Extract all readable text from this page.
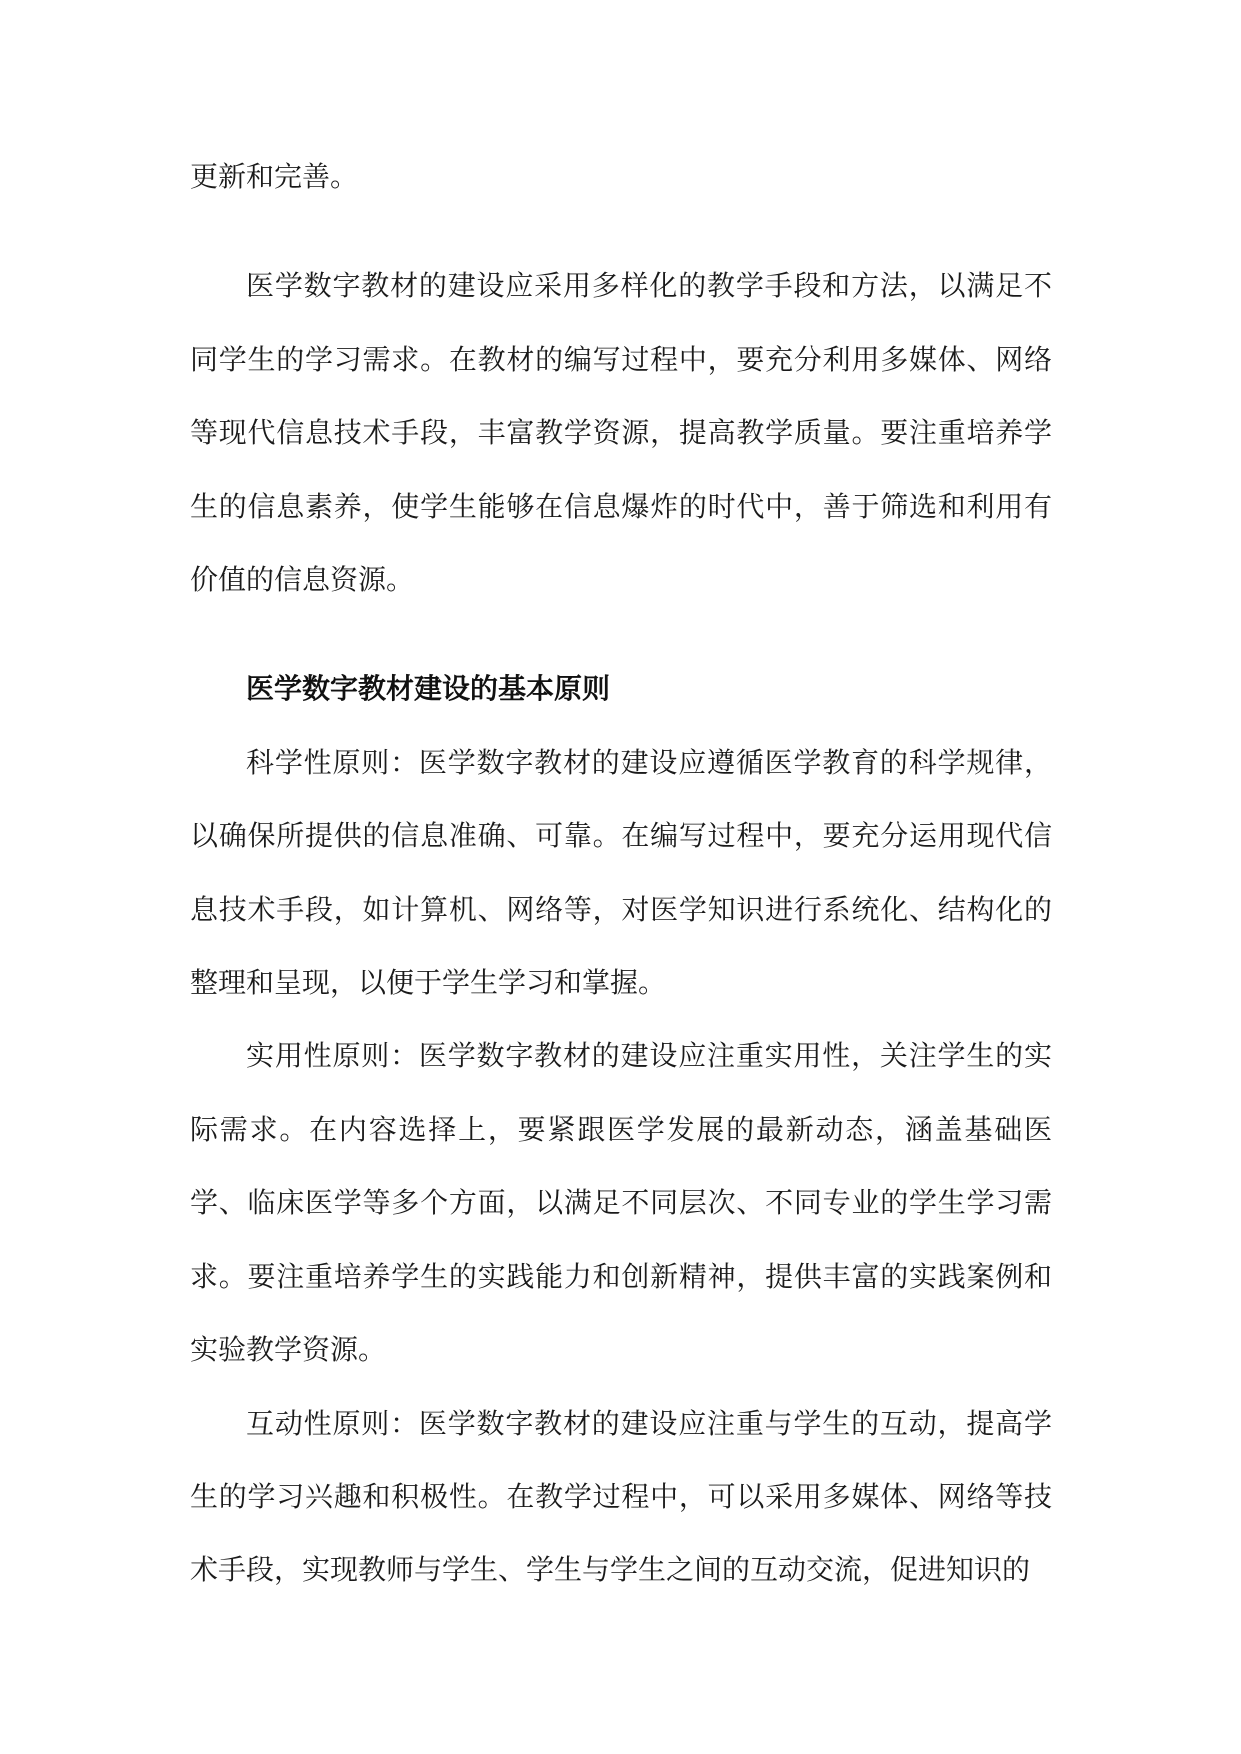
更新和完善。

医学数字教材的建设应采用多样化的教学手段和方法，以满足不同学生的学习需求。在教材的编写过程中，要充分利用多媒体、网络等现代信息技术手段，丰富教学资源，提高教学质量。要注重培养学生的信息素养，使学生能够在信息爆炸的时代中，善于筛选和利用有价值的信息资源。

医学数字教材建设的基本原则

科学性原则：医学数字教材的建设应遵循医学教育的科学规律，以确保所提供的信息准确、可靠。在编写过程中，要充分运用现代信息技术手段，如计算机、网络等，对医学知识进行系统化、结构化的整理和呈现，以便于学生学习和掌握。

实用性原则：医学数字教材的建设应注重实用性，关注学生的实际需求。在内容选择上，要紧跟医学发展的最新动态，涵盖基础医学、临床医学等多个方面，以满足不同层次、不同专业的学生学习需求。要注重培养学生的实践能力和创新精神，提供丰富的实践案例和实验教学资源。

互动性原则：医学数字教材的建设应注重与学生的互动，提高学生的学习兴趣和积极性。在教学过程中，可以采用多媒体、网络等技术手段，实现教师与学生、学生与学生之间的互动交流，促进知识的
